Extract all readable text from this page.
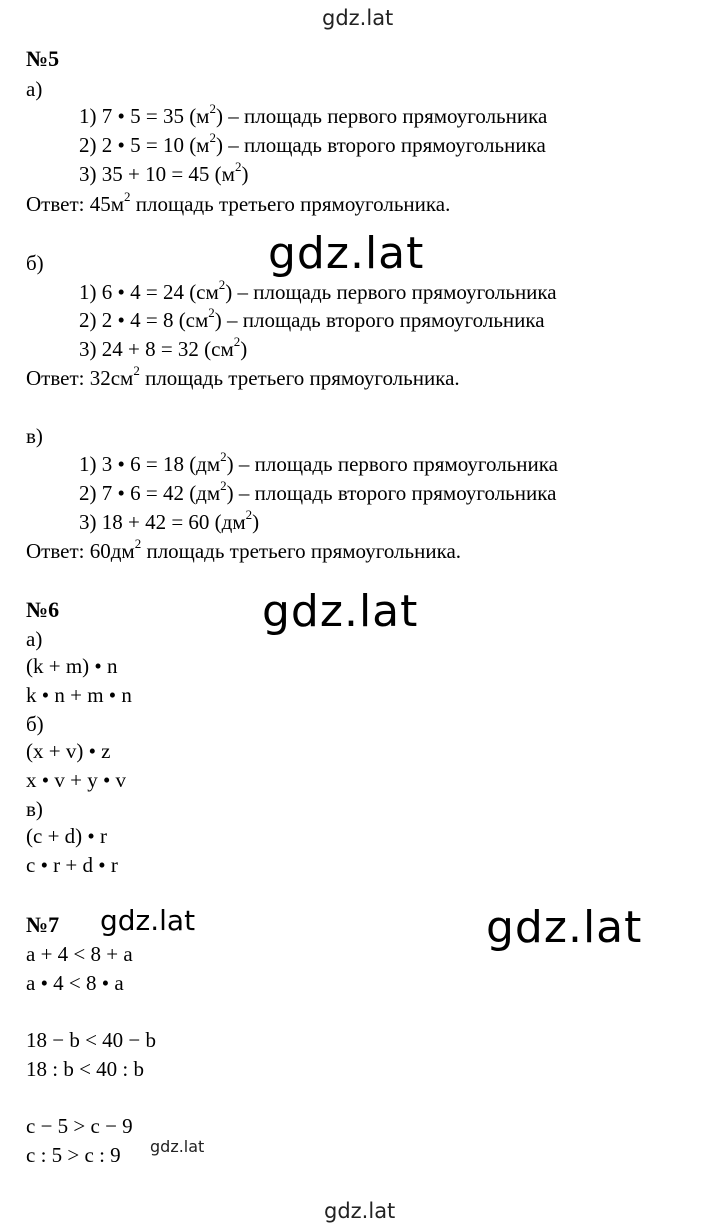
gdz.lat
gdz.lat
gdz.lat
gdz.lat	gdz.lat
gdz.lat
gdz.lat
№5
а)
1) 7 • 5 = 35 $(м^2)$ – площадь первого прямоугольника
2) 2 • 5 = 10 $(м^2)$ – площадь второго прямоугольника
3) 35 + 10 = 45 $(м^2)$
Ответ: $45м^2$ площадь третьего прямоугольника.
б)
1) 6 • 4 = 24 $(см^2)$ – площадь первого прямоугольника
2) 2 • 4 = 8 $(см^2)$ – площадь второго прямоугольника
3) 24 + 8 = 32 $(см^2)$
Ответ: $32см^2$ площадь третьего прямоугольника.
в)
1) 3 • 6 = 18 $(дм^2)$ – площадь первого прямоугольника
2) 7 • 6 = 42 $(дм^2)$ – площадь второго прямоугольника
3) 18 + 42 = 60 $(дм^2)$
Ответ: $60дм^2$ площадь третьего прямоугольника.
№6
а)
(k + m) • n
k • n + m • n
б)
(x + v) • z
x • v + y • v
в)
(c + d) • r
c • r + d • r
№7
a + 4 < 8 + a
a • 4 < 8 • a
18 − b < 40 − b
18 : b < 40 : b
c − 5 > c − 9
c : 5 > c : 9
